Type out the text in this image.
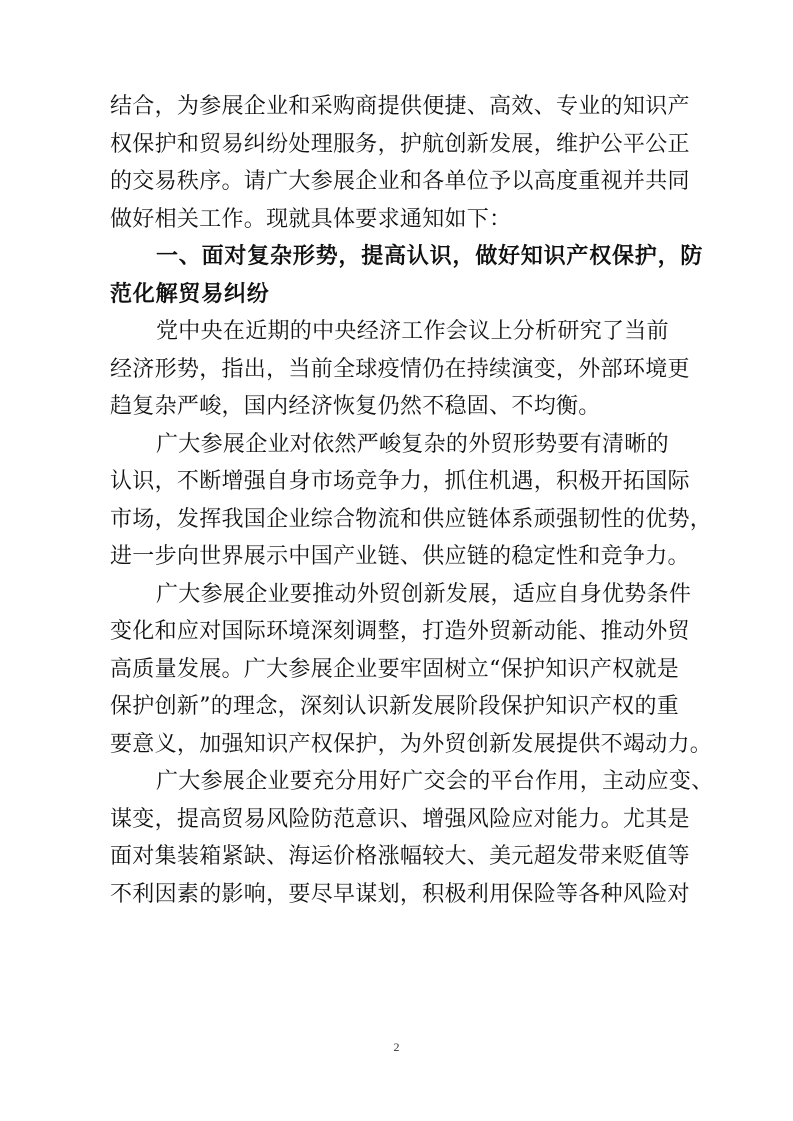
结合，为参展企业和采购商提供便捷、高效、专业的知识产
权保护和贸易纠纷处理服务，护航创新发展，维护公平公正
的交易秩序。请广大参展企业和各单位予以高度重视并共同
做好相关工作。现就具体要求通知如下：
一、面对复杂形势，提高认识，做好知识产权保护，防
范化解贸易纠纷
党中央在近期的中央经济工作会议上分析研究了当前
经济形势，指出，当前全球疫情仍在持续演变，外部环境更
趋复杂严峻，国内经济恢复仍然不稳固、不均衡。
广大参展企业对依然严峻复杂的外贸形势要有清晰的
认识，不断增强自身市场竞争力，抓住机遇，积极开拓国际
市场，发挥我国企业综合物流和供应链体系顽强韧性的优势，
进一步向世界展示中国产业链、供应链的稳定性和竞争力。
广大参展企业要推动外贸创新发展，适应自身优势条件
变化和应对国际环境深刻调整，打造外贸新动能、推动外贸
高质量发展。广大参展企业要牢固树立“保护知识产权就是
保护创新”的理念，深刻认识新发展阶段保护知识产权的重
要意义，加强知识产权保护，为外贸创新发展提供不竭动力。
广大参展企业要充分用好广交会的平台作用，主动应变、
谋变，提高贸易风险防范意识、增强风险应对能力。尤其是
面对集装箱紧缺、海运价格涨幅较大、美元超发带来贬值等
不利因素的影响，要尽早谋划，积极利用保险等各种风险对
2
